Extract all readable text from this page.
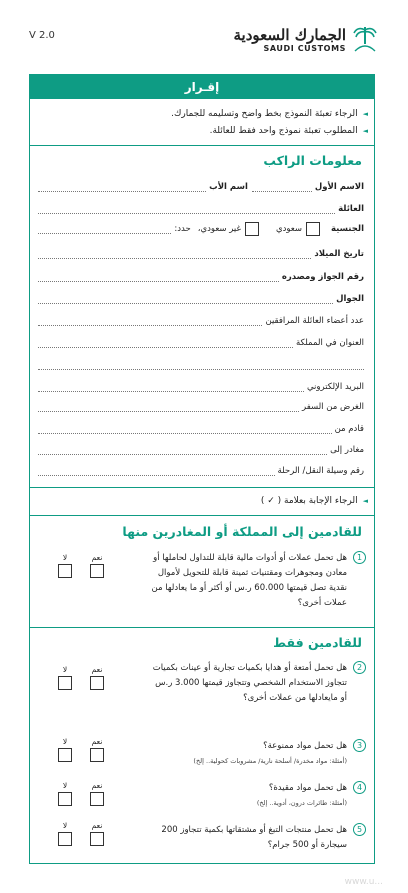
V 2.0	الجمارك السعودية
SAUDI CUSTOMS
إقـرار
◄
الرجاء تعبئة النموذج بخط واضح وتسليمه للجمارك.
◄
المطلوب تعبئة نموذج واحد فقط للعائلة.
معلومات الراكب
الاسم الأول
اسم الأب
العائلة
الجنسية
سعودي
غير سعودي،
حدد:
تاريخ الميلاد
رقم الجواز ومصدره
الجوال
عدد أعضاء العائلة المرافقين
العنوان في المملكة
البريد الإلكتروني
الغرض من السفر
قادم من
مغادر إلى
رقم وسيلة النقل/ الرحلة
◄
الرجاء الإجابة بعلامة ( ✓ )
للقادمين إلى المملكة أو المغادرين منها
1
هل تحمل عملات أو أدوات مالية قابلة للتداول لحاملها أو معادن ومجوهرات ومقتنيات ثمينة قابلة للتحويل لأموال نقدية تصل قيمتها 60.000 ر.س أو أكثر أو ما يعادلها من عملات أخرى؟
لا	نعم
للقادمين فقط
2
هل تحمل أمتعة أو هدايا بكميات تجارية أو عينات بكميات تتجاوز الاستخدام الشخصي وتتجاوز قيمتها 3.000 ر.س أو مايعادلها من عملات أخرى؟
لا	نعم
3
هل تحمل مواد ممنوعة؟
(أمثلة: مواد مخدرة/ أسلحة نارية/ مشروبات كحولية.. إلخ)
لا	نعم
4
هل تحمل مواد مقيدة؟
(أمثلة: طائرات درون، أدوية.. إلخ)
لا	نعم
5
هل تحمل منتجات التبغ أو مشتقاتها بكمية تتجاوز 200 سيجارة أو 500 جرام؟
لا	نعم
www.u...
